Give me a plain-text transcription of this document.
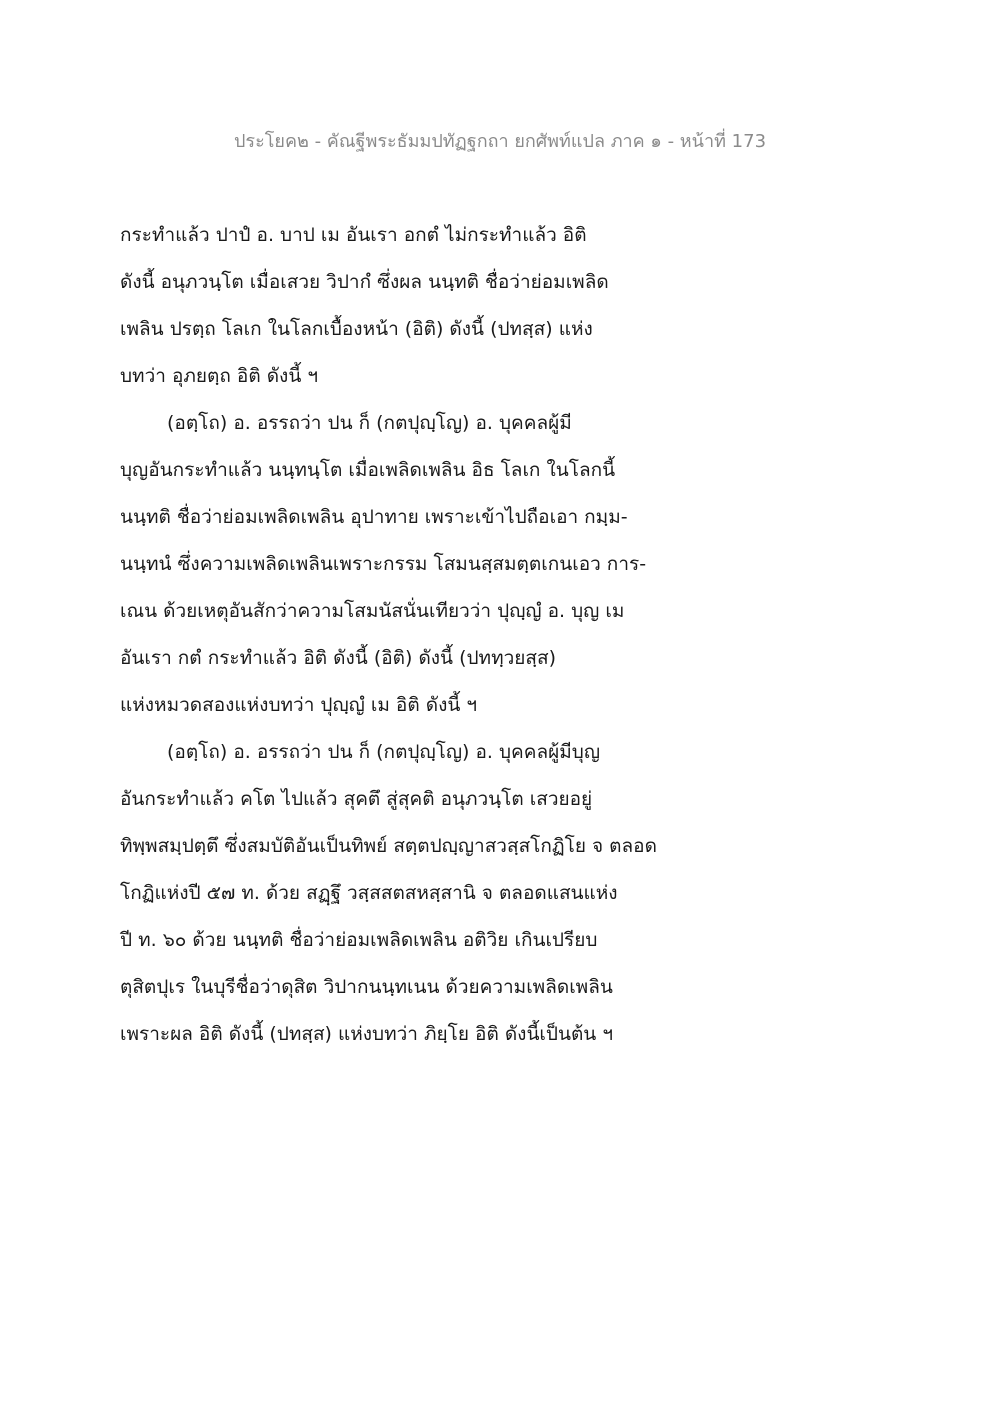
ประโยค๒ - คัณฐีพระธัมมปทัฏฐกถา ยกศัพท์แปล ภาค ๑ - หน้าที่ 173
กระทำแล้ว ปาปํ อ. บาป เม อันเรา อกตํ ไม่กระทำแล้ว อิติ
ดังนี้ อนุภวนฺโต เมื่อเสวย วิปากํ ซึ่งผล นนฺทติ ชื่อว่าย่อมเพลิด
เพลิน ปรตฺถ โลเก ในโลกเบื้องหน้า (อิติ) ดังนี้ (ปทสฺส) แห่ง
บทว่า อุภยตฺถ อิติ ดังนี้ ฯ
(อตฺโถ) อ. อรรถว่า ปน ก็ (กตปุญฺโญ) อ. บุคคลผู้มี
บุญอันกระทำแล้ว นนฺทนฺโต เมื่อเพลิดเพลิน อิธ โลเก ในโลกนี้
นนฺทติ ชื่อว่าย่อมเพลิดเพลิน อุปาทาย เพราะเข้าไปถือเอา กมฺม-
นนฺทนํ ซึ่งความเพลิดเพลินเพราะกรรม โสมนสฺสมตฺตเกนเอว การ-
เณน ด้วยเหตุอันสักว่าความโสมนัสนั่นเทียวว่า ปุญฺญํ อ. บุญ เม
อันเรา กตํ กระทำแล้ว อิติ ดังนี้ (อิติ) ดังนี้ (ปททฺวยสฺส)
แห่งหมวดสองแห่งบทว่า ปุญฺญํ เม อิติ ดังนี้ ฯ
(อตฺโถ) อ. อรรถว่า ปน ก็ (กตปุญฺโญ) อ. บุคคลผู้มีบุญ
อันกระทำแล้ว คโต ไปแล้ว สุคตึ สู่สุคติ อนุภวนฺโต เสวยอยู่
ทิพฺพสมฺปตฺตึ ซึ่งสมบัติอันเป็นทิพย์ สตฺตปญฺญาสวสฺสโกฏิโย จ ตลอด
โกฏิแห่งปี ๕๗ ท. ด้วย สฏฺฐึ วสฺสสตสหสฺสานิ จ ตลอดแสนแห่ง
ปี ท. ๖๐ ด้วย นนฺทติ ชื่อว่าย่อมเพลิดเพลิน อติวิย เกินเปรียบ
ตุสิตปุเร ในบุรีชื่อว่าดุสิต วิปากนนฺทเนน ด้วยความเพลิดเพลิน
เพราะผล อิติ ดังนี้ (ปทสฺส) แห่งบทว่า ภิยฺโย อิติ ดังนี้เป็นต้น ฯ
